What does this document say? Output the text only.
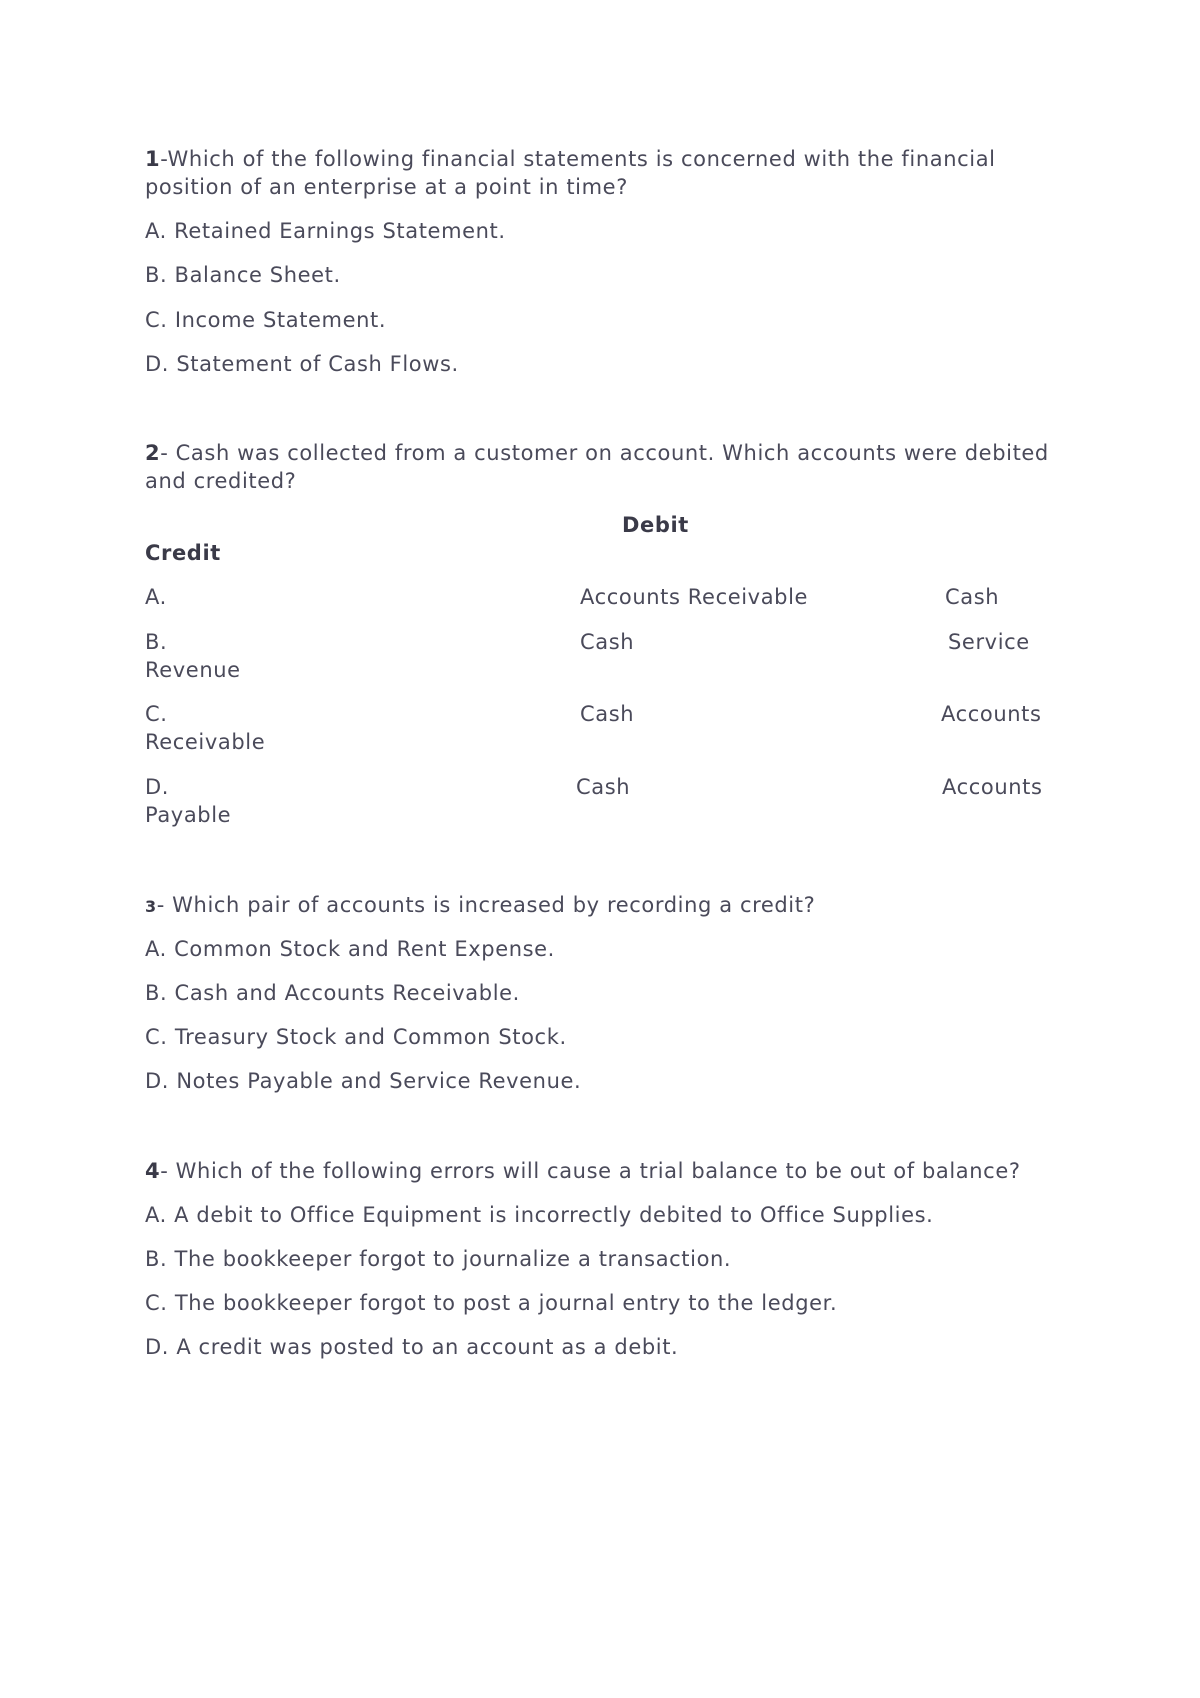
1-Which of the following financial statements is concerned with the financial
position of an enterprise at a point in time?
A. Retained Earnings Statement.
B. Balance Sheet.
C. Income Statement.
D. Statement of Cash Flows.
2- Cash was collected from a customer on account. Which accounts were debited
and credited?
Debit
Credit
A.	Accounts Receivable	Cash
B.	Cash	Service
Revenue
C.	Cash	Accounts
Receivable
D.	Cash	Accounts
Payable
3- Which pair of accounts is increased by recording a credit?
A. Common Stock and Rent Expense.
B. Cash and Accounts Receivable.
C. Treasury Stock and Common Stock.
D. Notes Payable and Service Revenue.
4- Which of the following errors will cause a trial balance to be out of balance?
A. A debit to Office Equipment is incorrectly debited to Office Supplies.
B. The bookkeeper forgot to journalize a transaction.
C. The bookkeeper forgot to post a journal entry to the ledger.
D. A credit was posted to an account as a debit.
